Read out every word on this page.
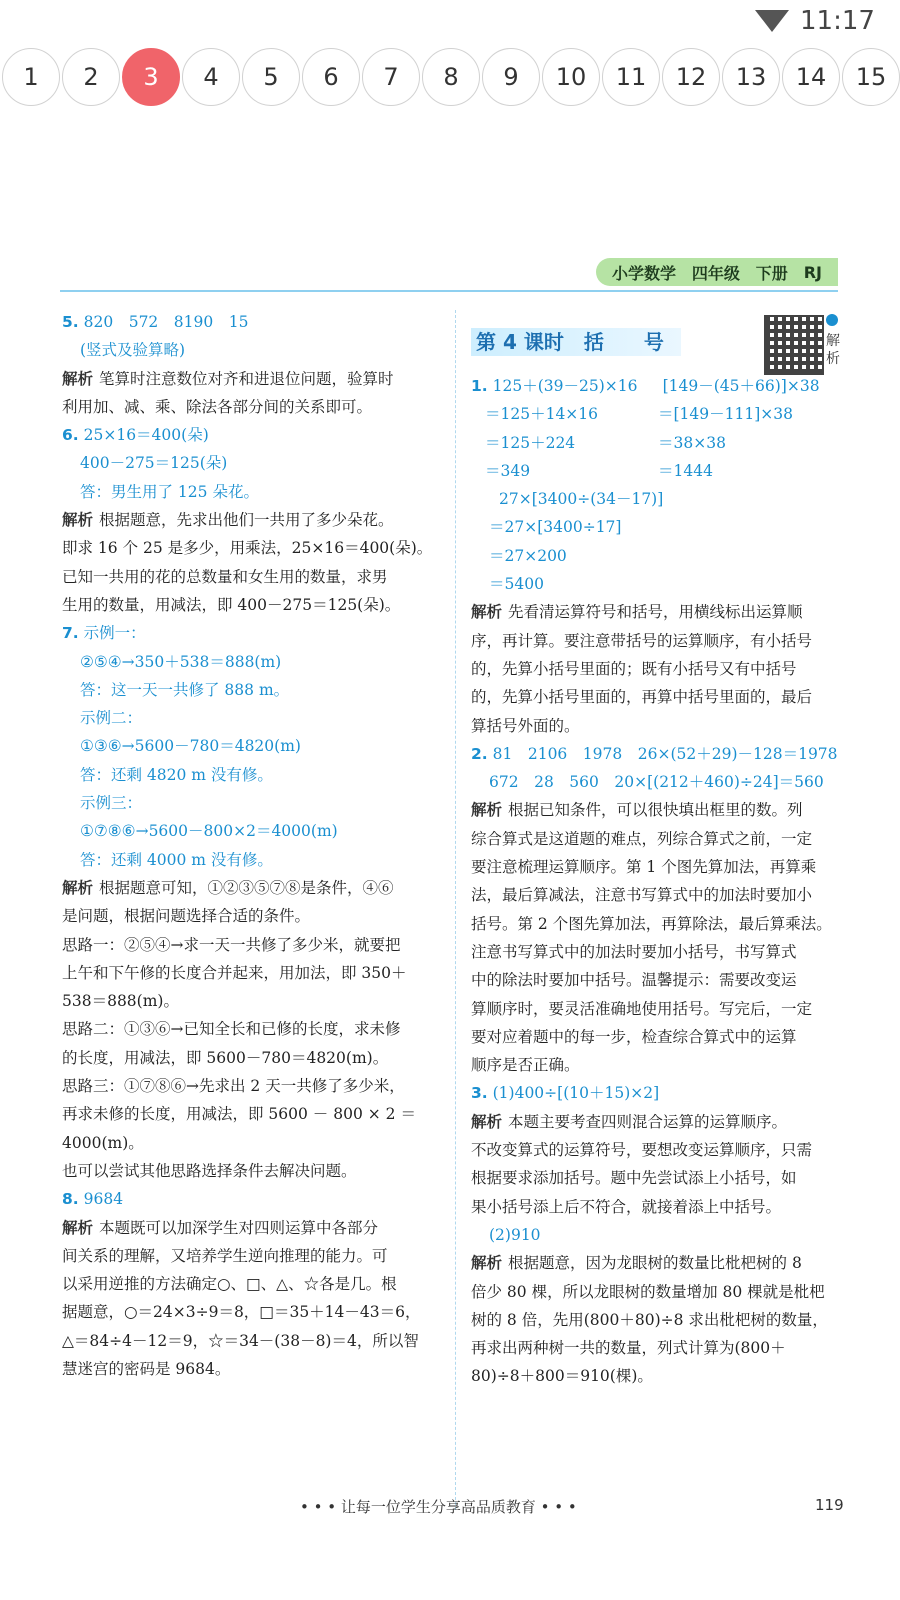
11:17
1	2	3	4	5	6	7	8	9	10	11	12	13	14	15
小学数学 四年级 下册 RJ

5. 820　572　8190　15

(竖式及验算略)

解析 笔算时注意数位对齐和进退位问题，验算时

利用加、减、乘、除法各部分间的关系即可。

6. 25×16＝400(朵)

400－275＝125(朵)

答：男生用了 125 朵花。

解析 根据题意，先求出他们一共用了多少朵花。

即求 16 个 25 是多少，用乘法，25×16＝400(朵)。

已知一共用的花的总数量和女生用的数量，求男

生用的数量，用减法，即 400－275＝125(朵)。

7. 示例一：

②⑤④→350＋538＝888(m)

答：这一天一共修了 888 m。

示例二：

①③⑥→5600－780＝4820(m)

答：还剩 4820 m 没有修。

示例三：

①⑦⑧⑥→5600－800×2＝4000(m)

答：还剩 4000 m 没有修。

解析 根据题意可知，①②③⑤⑦⑧是条件，④⑥

是问题，根据问题选择合适的条件。

思路一：②⑤④→求一天一共修了多少米，就要把

上午和下午修的长度合并起来，用加法，即 350＋

538＝888(m)。

思路二：①③⑥→已知全长和已修的长度，求未修

的长度，用减法，即 5600－780＝4820(m)。

思路三：①⑦⑧⑥→先求出 2 天一共修了多少米，

再求未修的长度，用减法，即 5600 － 800 × 2 ＝

4000(m)。

也可以尝试其他思路选择条件去解决问题。

8. 9684

解析 本题既可以加深学生对四则运算中各部分

间关系的理解，又培养学生逆向推理的能力。可

以采用逆推的方法确定○、□、△、☆各是几。根

据题意，○＝24×3÷9＝8，□＝35＋14－43＝6，

△＝84÷4－12＝9，☆＝34－(38－8)＝4，所以智

慧迷宫的密码是 9684。

第 4 课时　 括　　号	解析

1. 125＋(39－25)×16 [149－(45＋66)]×38

＝125＋14×16	＝[149－111]×38

＝125＋224	＝38×38

＝349	＝1444

27×[3400÷(34－17)]

＝27×[3400÷17]

＝27×200

＝5400

解析 先看清运算符号和括号，用横线标出运算顺

序，再计算。要注意带括号的运算顺序，有小括号

的，先算小括号里面的；既有小括号又有中括号

的，先算小括号里面的，再算中括号里面的，最后

算括号外面的。

2. 81　2106　1978　26×(52＋29)－128＝1978

672　28　560　20×[(212＋460)÷24]＝560

解析 根据已知条件，可以很快填出框里的数。列

综合算式是这道题的难点，列综合算式之前，一定

要注意梳理运算顺序。第 1 个图先算加法，再算乘

法，最后算减法，注意书写算式中的加法时要加小

括号。第 2 个图先算加法，再算除法，最后算乘法。

注意书写算式中的加法时要加小括号，书写算式

中的除法时要加中括号。温馨提示：需要改变运

算顺序时，要灵活准确地使用括号。写完后，一定

要对应着题中的每一步，检查综合算式中的运算

顺序是否正确。

3. (1)400÷[(10＋15)×2]

解析 本题主要考查四则混合运算的运算顺序。

不改变算式的运算符号，要想改变运算顺序，只需

根据要求添加括号。题中先尝试添上小括号，如

果小括号添上后不符合，就接着添上中括号。

(2)910

解析 根据题意，因为龙眼树的数量比枇杷树的 8

倍少 80 棵，所以龙眼树的数量增加 80 棵就是枇杷

树的 8 倍，先用(800＋80)÷8 求出枇杷树的数量，

再求出两种树一共的数量，列式计算为(800＋

80)÷8＋800＝910(棵)。

• • • 让每一位学生分享高品质教育 • • •	119
